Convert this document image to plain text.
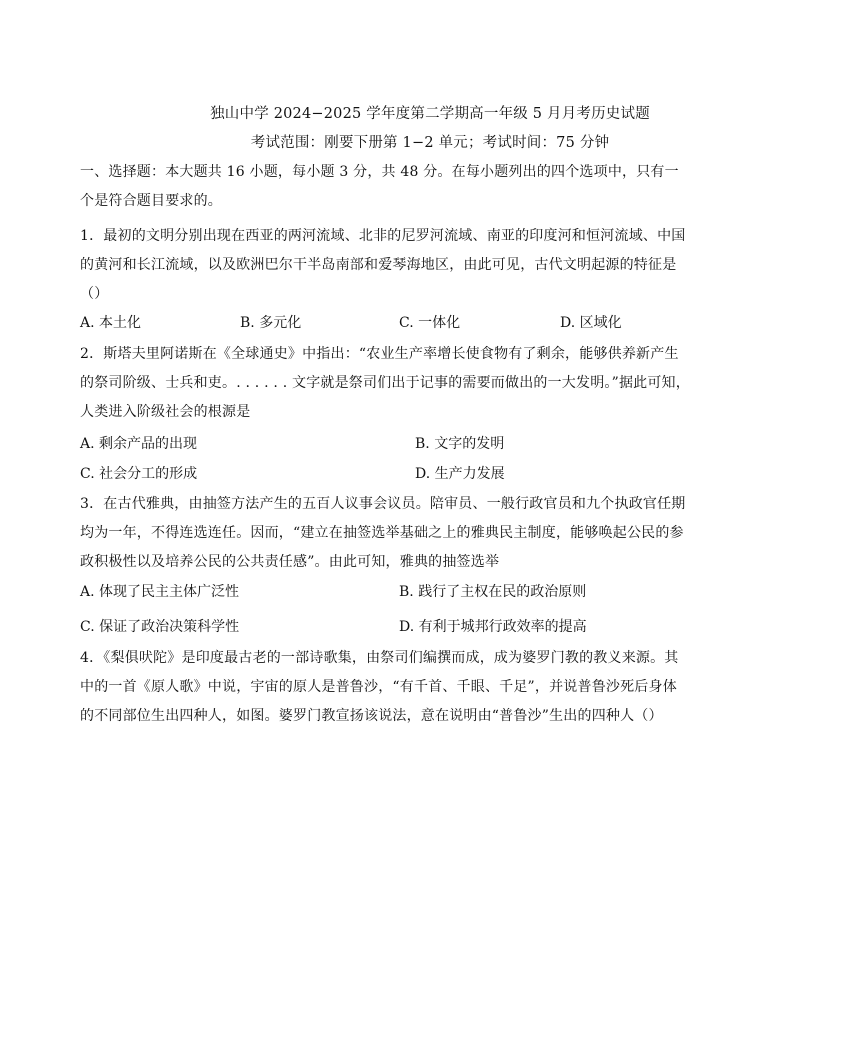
独山中学 2024−2025 学年度第二学期高一年级 5 月月考历史试题
考试范围：刚要下册第 1−2 单元；考试时间：75 分钟
一、选择题：本大题共 16 小题，每小题 3 分，共 48 分。在每小题列出的四个选项中，只有一
个是符合题目要求的。
1．最初的文明分别出现在西亚的两河流域、北非的尼罗河流域、南亚的印度河和恒河流域、中国
的黄河和长江流域，以及欧洲巴尔干半岛南部和爱琴海地区，由此可见，古代文明起源的特征是
（）
A. 本土化	B. 多元化	C. 一体化	D. 区域化
2．斯塔夫里阿诺斯在《全球通史》中指出：“农业生产率增长使食物有了剩余，能够供养新产生
的祭司阶级、士兵和吏。. . . . . . 文字就是祭司们出于记事的需要而做出的一大发明。”据此可知，
人类进入阶级社会的根源是
A. 剩余产品的出现	B. 文字的发明
C. 社会分工的形成	D. 生产力发展
3．在古代雅典，由抽签方法产生的五百人议事会议员。陪审员、一般行政官员和九个执政官任期
均为一年，不得连选连任。因而，“建立在抽签选举基础之上的雅典民主制度，能够唤起公民的参
政积极性以及培养公民的公共责任感”。由此可知，雅典的抽签选举
A. 体现了民主主体广泛性	B. 践行了主权在民的政治原则
C. 保证了政治决策科学性	D. 有利于城邦行政效率的提高
4．《梨俱吠陀》是印度最古老的一部诗歌集，由祭司们编撰而成，成为婆罗门教的教义来源。其
中的一首《原人歌》中说，宇宙的原人是普鲁沙，“有千首、千眼、千足”，并说普鲁沙死后身体
的不同部位生出四种人，如图。婆罗门教宣扬该说法，意在说明由“普鲁沙”生出的四种人（）
